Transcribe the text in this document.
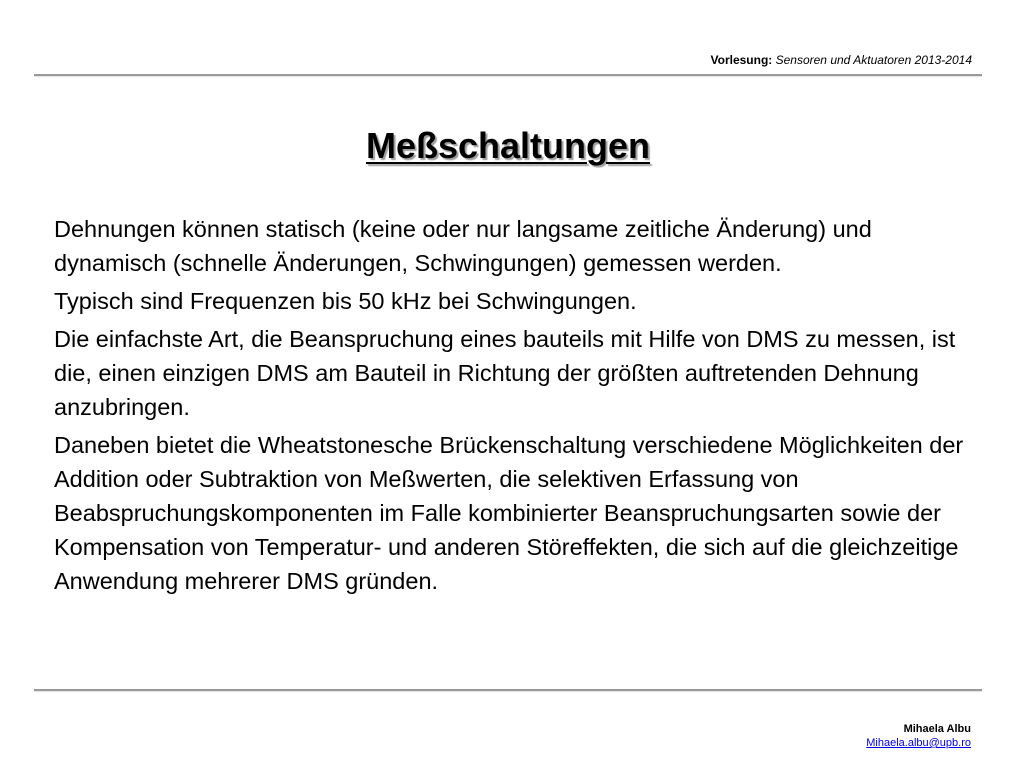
Vorlesung: Sensoren und Aktuatoren 2013-2014
Meßschaltungen

Dehnungen können statisch (keine oder nur langsame zeitliche Änderung) und dynamisch (schnelle Änderungen, Schwingungen) gemessen werden.

Typisch sind Frequenzen bis 50 kHz bei Schwingungen.

Die einfachste Art, die Beanspruchung eines bauteils mit Hilfe von DMS zu messen, ist die, einen einzigen DMS am Bauteil in Richtung der größten auftretenden Dehnung anzubringen.

Daneben bietet die Wheatstonesche Brückenschaltung verschiedene Möglichkeiten der Addition oder Subtraktion von Meßwerten, die selektiven Erfassung von Beabspruchungskomponenten im Falle kombinierter Beanspruchungsarten sowie der Kompensation von Temperatur- und anderen Störeffekten, die sich auf die gleichzeitige Anwendung mehrerer DMS gründen.

Mihaela Albu
Mihaela.albu@upb.ro
